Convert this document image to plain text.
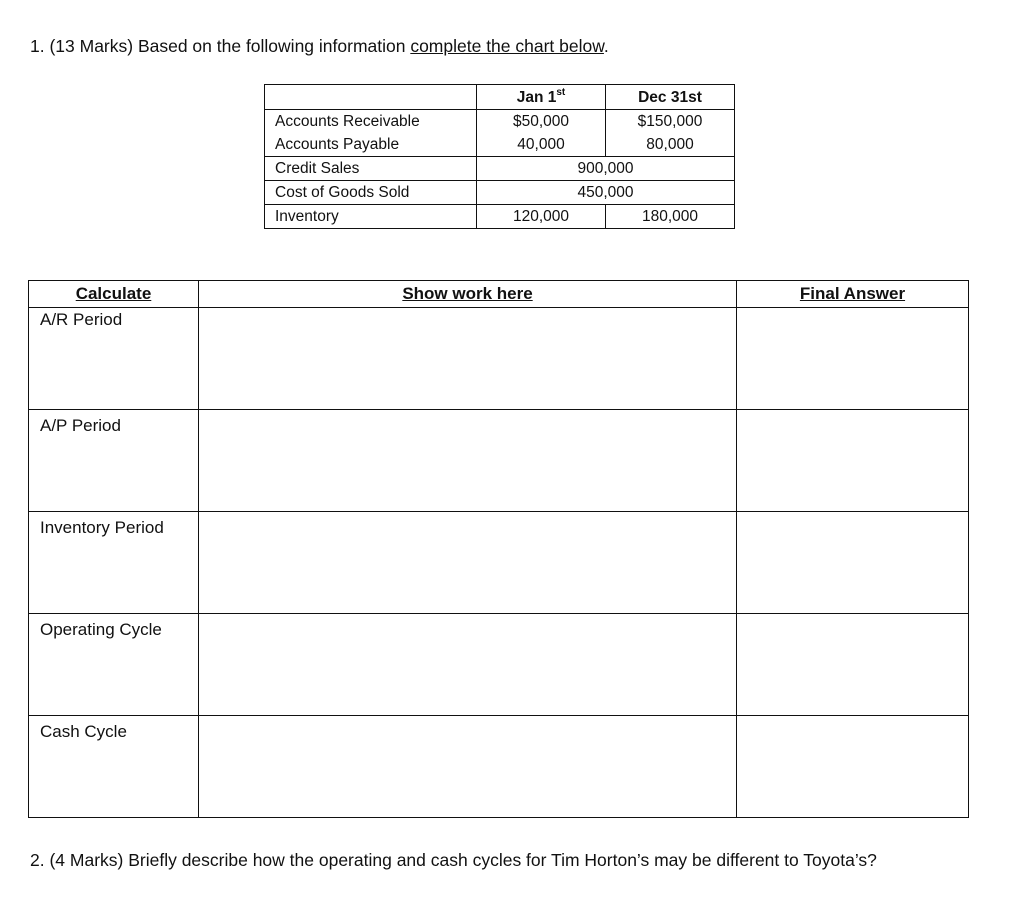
1. (13 Marks) Based on the following information complete the chart below.
	Jan 1st	Dec 31st
Accounts Receivable	$50,000	$150,000
Accounts Payable	40,000	80,000
Credit Sales	900,000	
Cost of Goods Sold	450,000	
Inventory	120,000	180,000
Calculate	Show work here	Final Answer

A/R Period		

A/P Period		

Inventory Period		

Operating Cycle		

Cash Cycle		

2. (4 Marks) Briefly describe how the operating and cash cycles for Tim Horton’s may be different to Toyota’s?
